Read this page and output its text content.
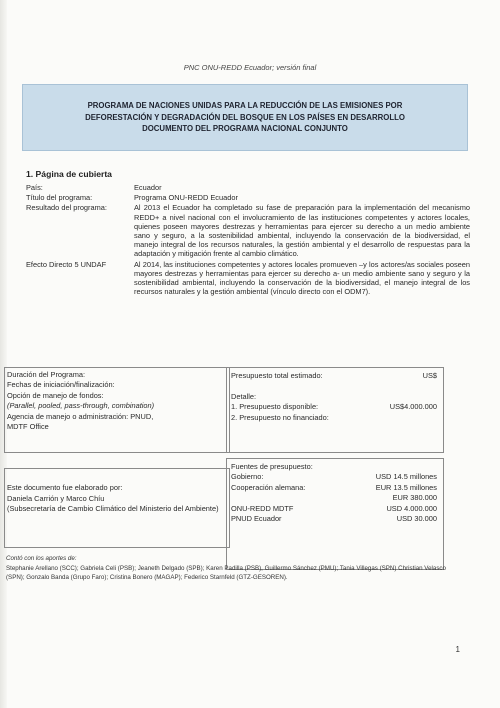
PNC ONU-REDD Ecuador; versión final
PROGRAMA DE NACIONES UNIDAS PARA LA REDUCCIÓN DE LAS EMISIONES POR
DEFORESTACIÓN Y DEGRADACIÓN DEL BOSQUE EN LOS PAÍSES EN DESARROLLO
DOCUMENTO DEL PROGRAMA NACIONAL CONJUNTO
1. Página de cubierta
País:	Ecuador
Título del programa:	Programa ONU-REDD Ecuador
Resultado del programa:	Al 2013 el Ecuador ha completado su fase de preparación para la implementación del mecanismo REDD+ a nivel nacional con el involucramiento de las instituciones competentes y actores locales, quienes poseen mayores destrezas y herramientas para ejercer su derecho a un medio ambiente sano y seguro, a la sostenibilidad ambiental, incluyendo la conservación de la biodiversidad, el manejo integral de los recursos naturales, la gestión ambiental y el desarrollo de respuestas para la adaptación y mitigación frente al cambio climático.
Efecto Directo 5 UNDAF	Al 2014, las instituciones competentes y actores locales promueven –y los actores/as sociales poseen mayores destrezas y herramientas para ejercer su derecho a- un medio ambiente sano y seguro y la sostenibilidad ambiental, incluyendo la conservación de la biodiversidad, el manejo integral de los recursos naturales y la gestión ambiental (vínculo directo con el ODM7).

Duración del Programa:

Fechas de iniciación/finalización:

Opción de manejo de fondos:

(Parallel, pooled, pass-through, combination)

Agencia de manejo o administración: PNUD,

MDTF Office

Presupuesto total estimado:	US$

Detalle:

1. Presupuesto disponible:	US$4.000.000

2. Presupuesto no financiado:

Este documento fue elaborado por:

Daniela Carrión y Marco Chíu

(Subsecretaría de Cambio Climático del Ministerio del Ambiente)

Fuentes de presupuesto:

Gobierno:	USD 14.5 millones
Cooperación alemana:	EUR 13.5 millones

EUR 380.000

ONU-REDD MDTF	USD 4.000.000
PNUD Ecuador	USD 30.000
Contó con los aportes de:
Stephanie Arellano (SCC); Gabriela Celi (PSB); Jeaneth Delgado (SPB); Karen Padilla (PSB), Guillermo Sánchez (PMU); Tania Villegas (SPN) Christian Velasco (SPN); Gonzalo Banda (Grupo Faro); Cristina Bonero (MAGAP); Federico Starnfeld (GTZ-GESOREN).
1
